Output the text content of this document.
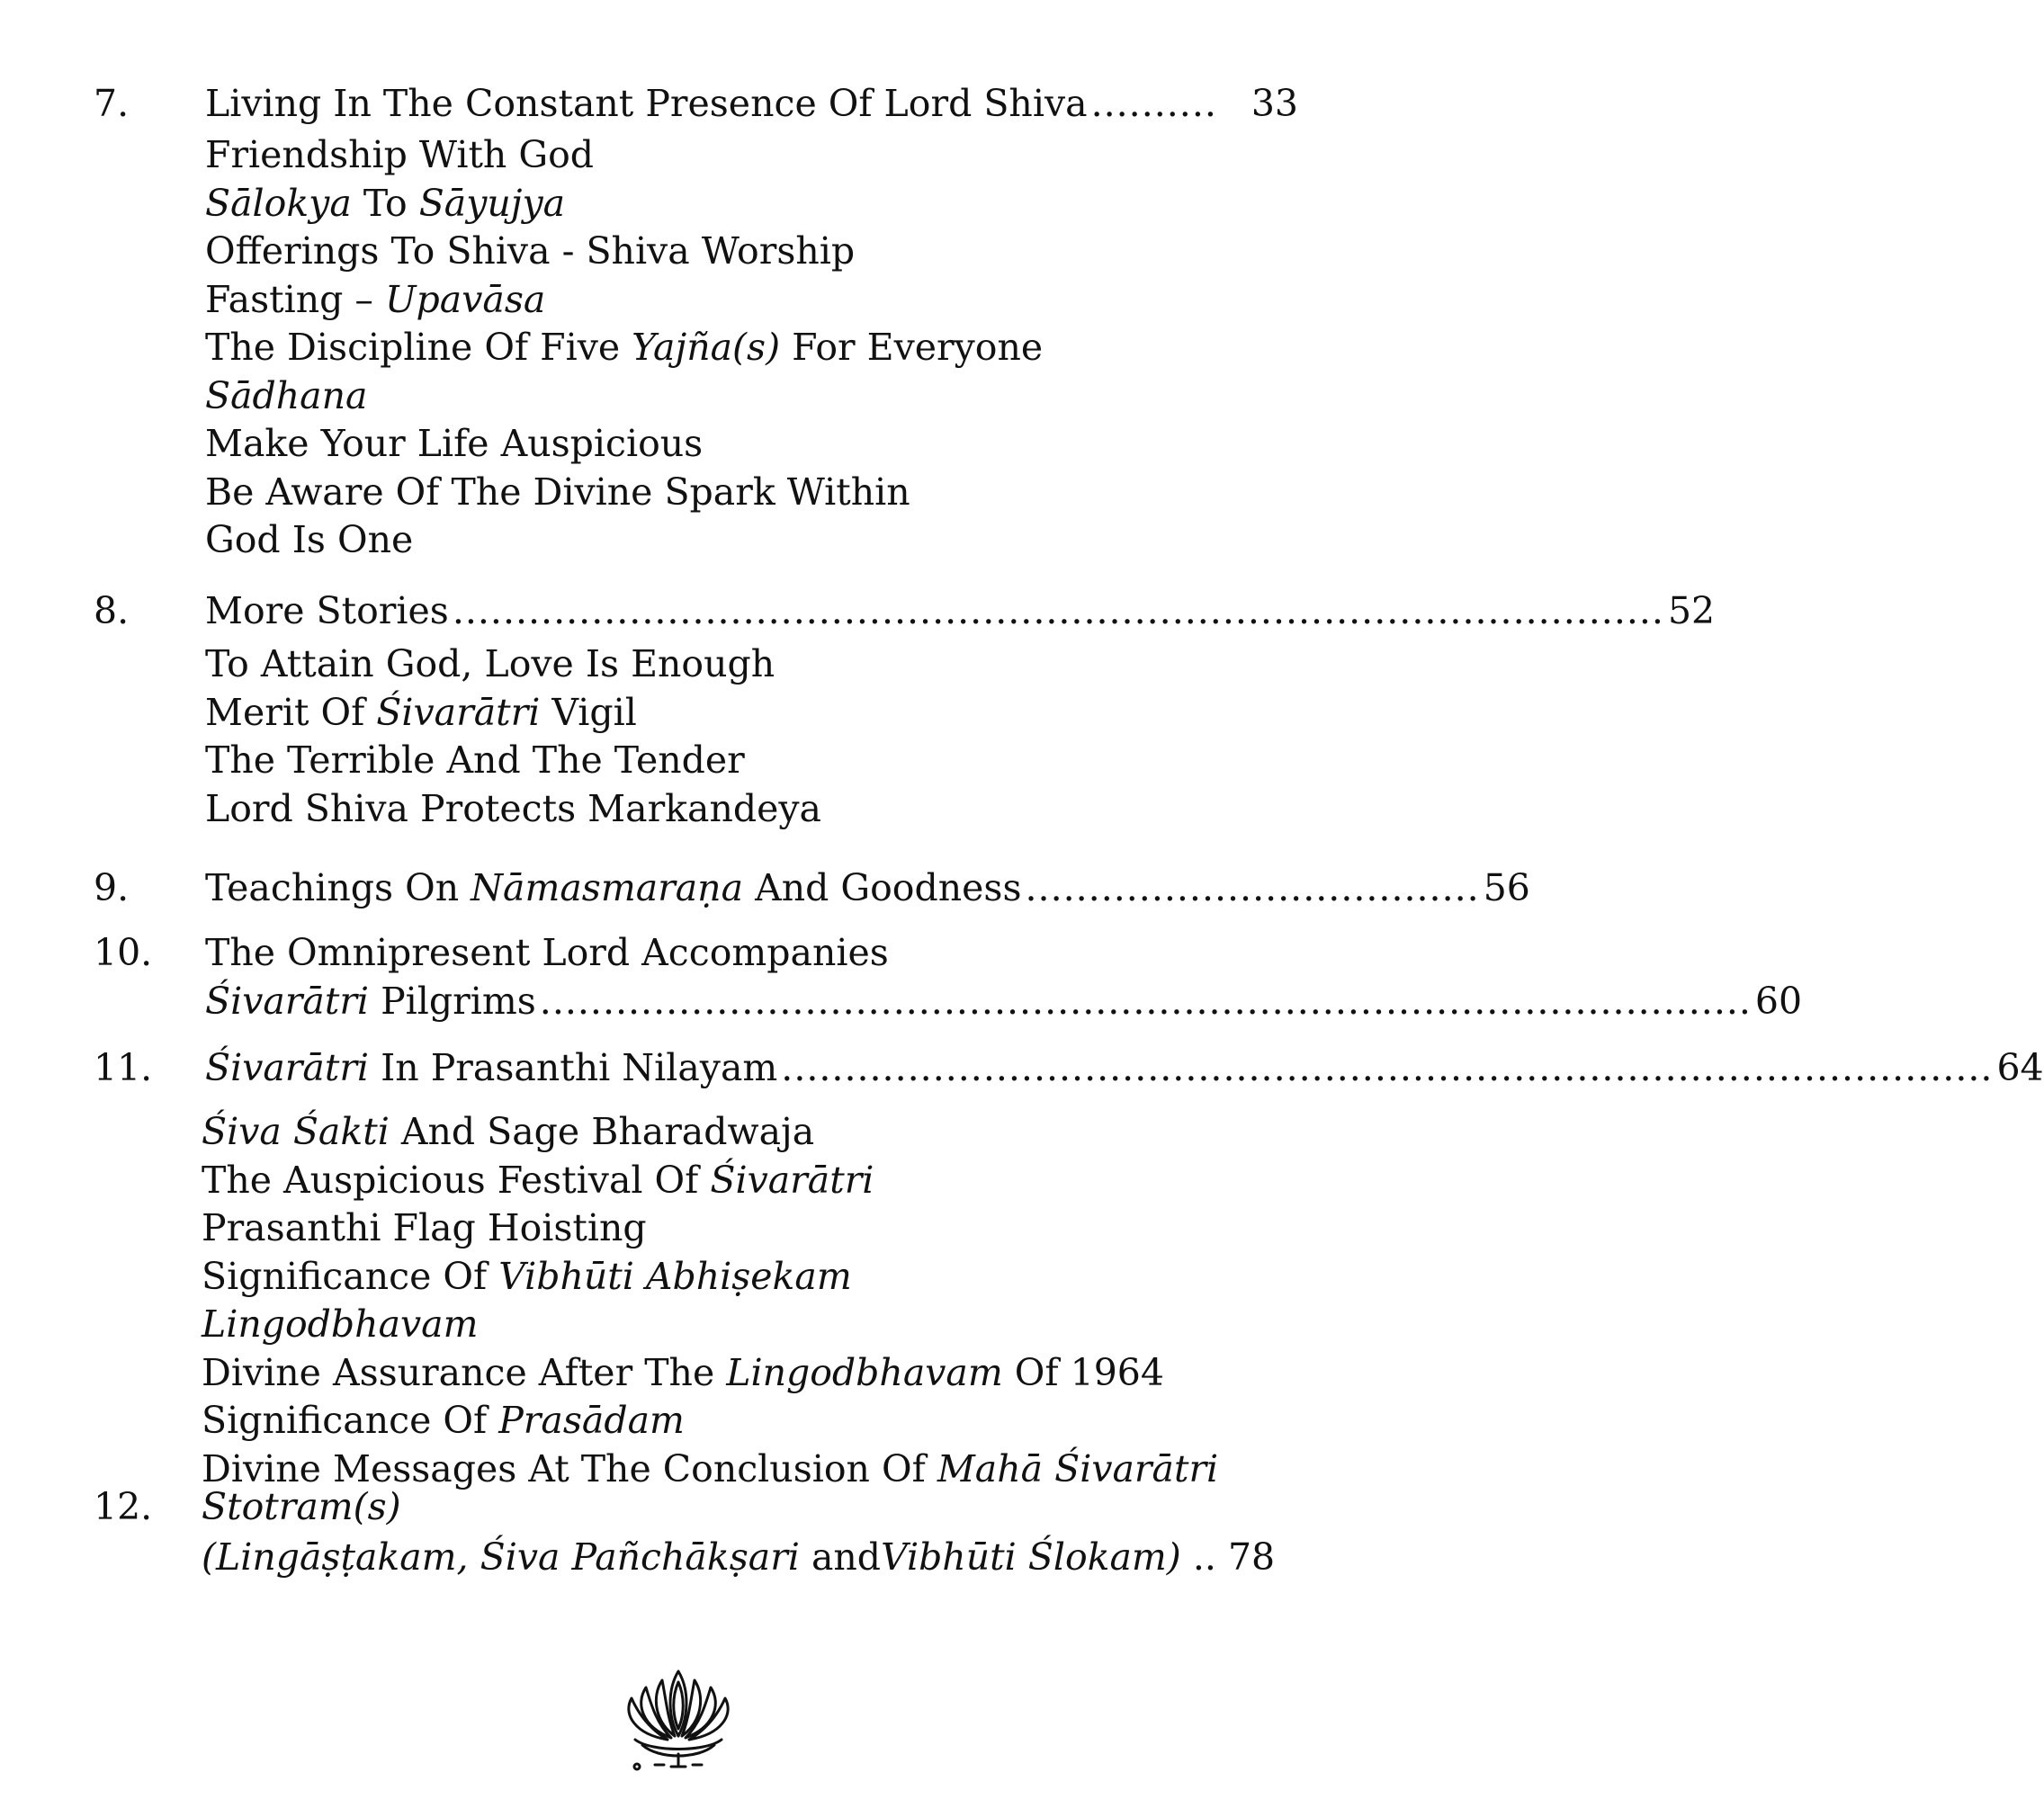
7.	Living In The Constant Presence Of Lord Shiva .......... 33
Friendship With God
Sālokya To Sāyujya
Offerings To Shiva - Shiva Worship
Fasting – Upavāsa
The Discipline Of Five Yajña(s) For Everyone
Sādhana
Make Your Life Auspicious
Be Aware Of The Divine Spark Within
God Is One
8.	More Stories ................................................................................................ 52
To Attain God, Love Is Enough
Merit Of Śivarātri Vigil
The Terrible And The Tender
Lord Shiva Protects Markandeya
9.	Teachings On Nāmasmaraṇa And Goodness .................................... 56
10.	The Omnipresent Lord Accompanies
Śivarātri Pilgrims ................................................................................................ 60
11.	Śivarātri In Prasanthi Nilayam ................................................................................................ 64
Śiva Śakti And Sage Bharadwaja
The Auspicious Festival Of Śivarātri
Prasanthi Flag Hoisting
Significance Of Vibhūti Abhiṣekam
Lingodbhavam
Divine Assurance After The Lingodbhavam Of 1964
Significance Of Prasādam
Divine Messages At The Conclusion Of Mahā Śivarātri
12.	Stotram(s)
(Lingāṣṭakam, Śiva Pañchākṣari andVibhūti Ślokam) .. 78
